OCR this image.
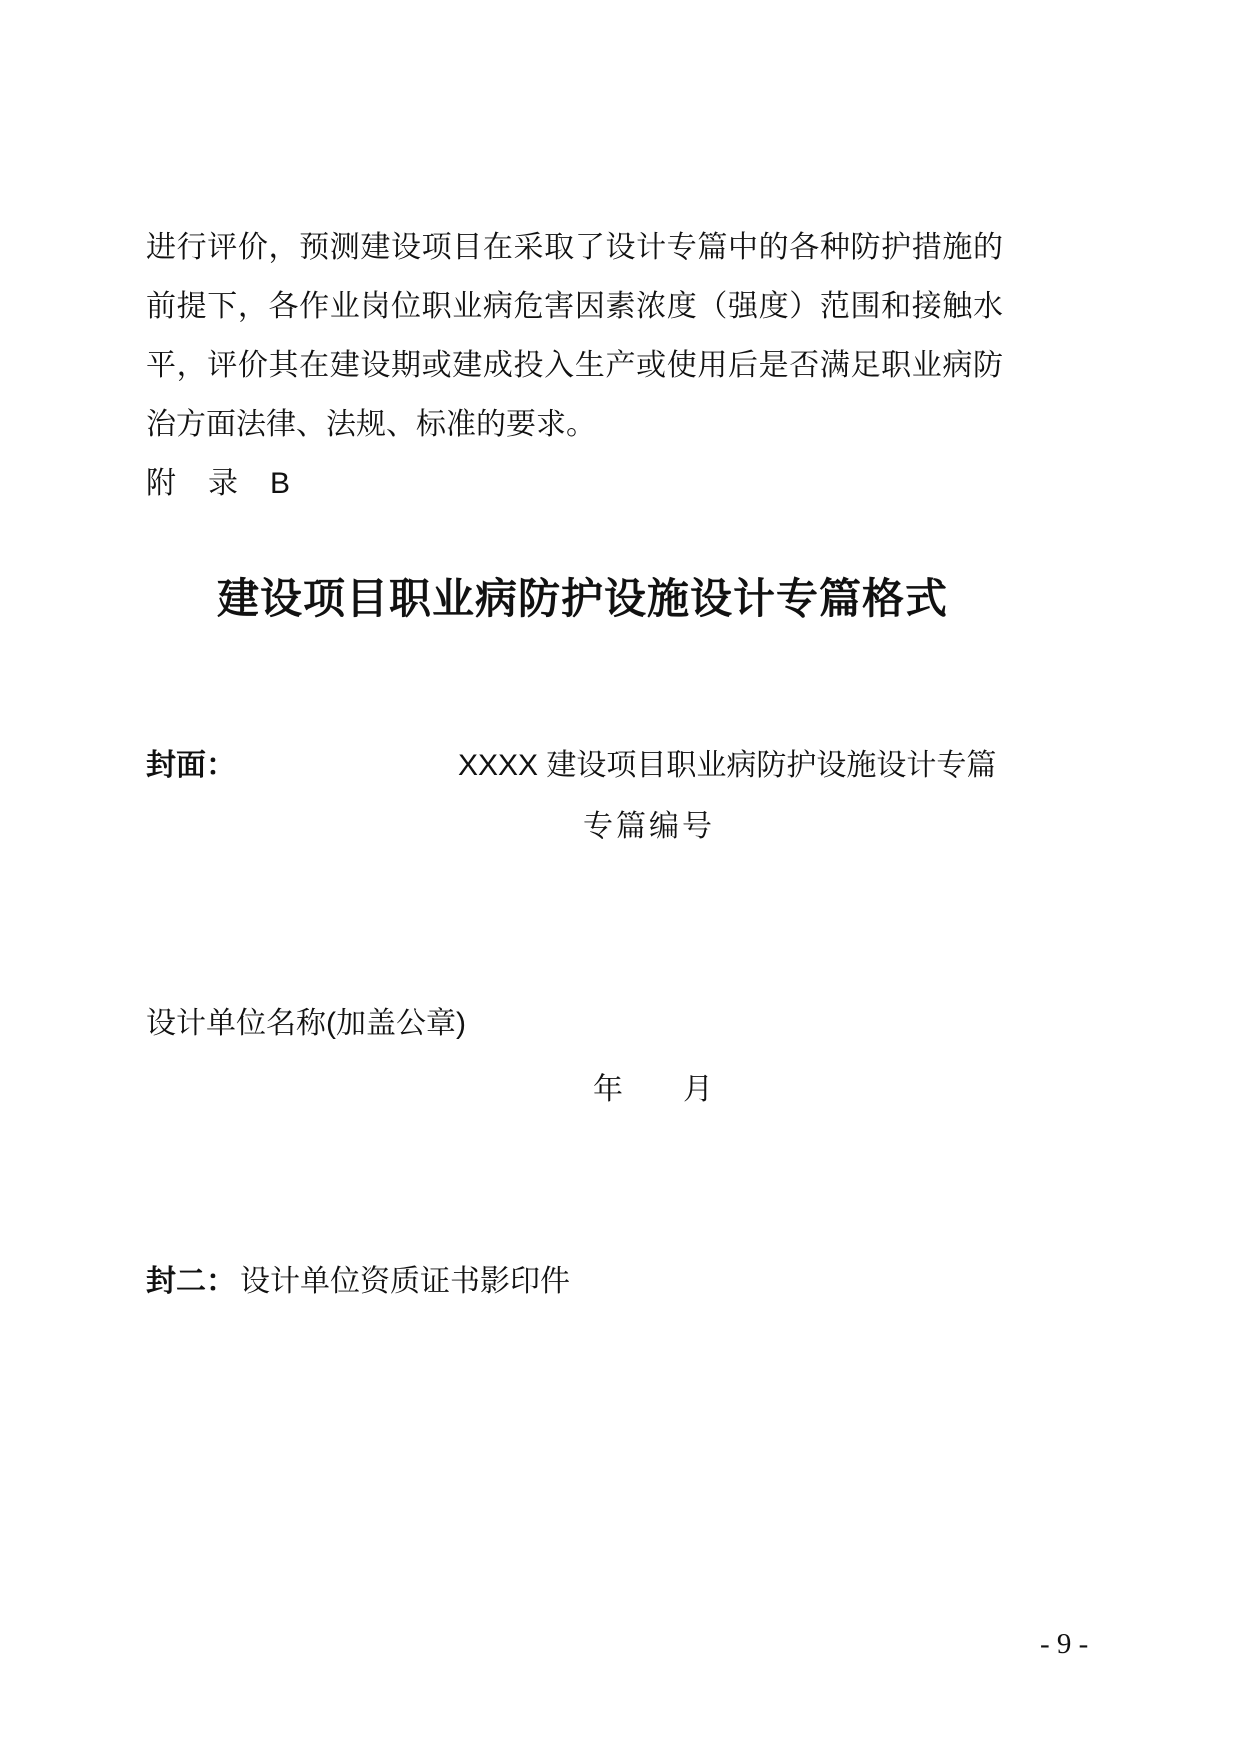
进行评价，预测建设项目在采取了设计专篇中的各种防护措施的
前提下，各作业岗位职业病危害因素浓度（强度）范围和接触水
平，评价其在建设期或建成投入生产或使用后是否满足职业病防
治方面法律、法规、标准的要求。
附　录　B
建设项目职业病防护设施设计专篇格式
封面：	XXXX 建设项目职业病防护设施设计专篇
专篇编号
设计单位名称(加盖公章)
年　　月
封二： 设计单位资质证书影印件
- 9 -
